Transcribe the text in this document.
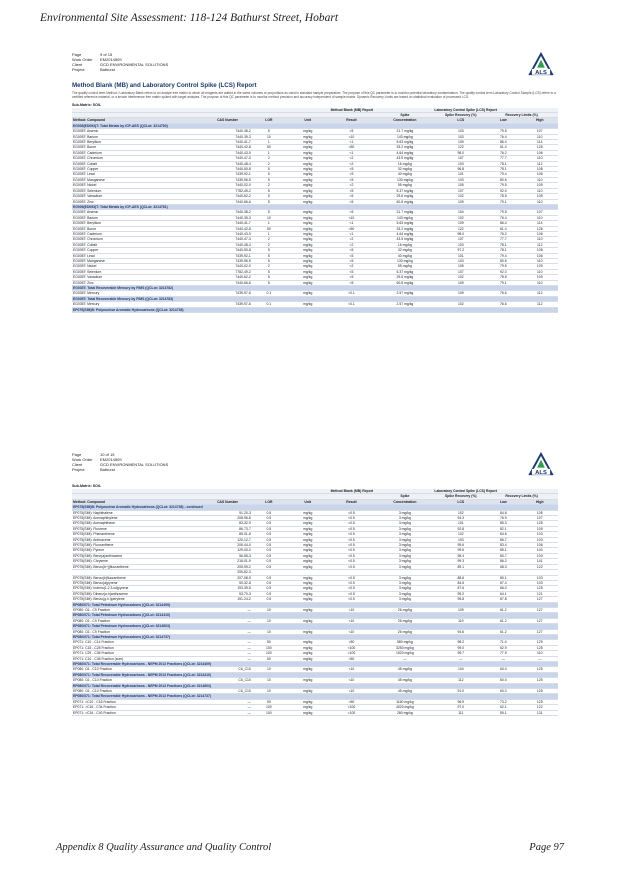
Environmental Site Assessment: 118-124 Bathurst Street, Hobart
Page	9 of 15
Work Order	EM2014509
Client	GCD ENVIRONMENTAL SOLUTIONS
Project	Bathurst
ALS
Method Blank (MB) and Laboratory Control Spike (LCS) Report
The quality control term Method / Laboratory Blank refers to an analyte free matrix to which all reagents are added in the same volumes or proportions as used in standard sample preparation. The purpose of this QC parameter is to monitor potential laboratory contamination. The quality control term Laboratory Control Sample (LCS) refers to a certified reference material, or a known interference free matrix spiked with target analytes. The purpose of this QC parameter is to monitor method precision and accuracy independent of sample matrix. Dynamic Recovery Limits are based on statistical evaluation of processed LCS.
Sub-Matrix: SOIL
				Method Blank (MB) Report	Laboratory Control Spike (LCS) Report			
					Spike	Spike Recovery (%)	Recovery Limits (%)	
Method: Compound	CAS Number	LOR	Unit	Result	Concentration	LCS	Low	High
EG005(ED093)T: Total Metals by ICP-AES (QCLot: 3214780)								
EG005T: Arsenic	7440-38-2	5	mg/kg	<5	21.7 mg/kg	103	79.5	107
EG005T: Barium	7440-39-3	10	mg/kg	<10	143 mg/kg	103	76.4	110
EG005T: Beryllium	7440-41-7	1	mg/kg	<1	5.63 mg/kg	109	86.4	114
EG005T: Boron	7440-42-8	50	mg/kg	<50	33.2 mg/kg	122	61.4	126
EG005T: Cadmium	7440-43-9	1	mg/kg	<1	4.64 mg/kg	98.0	76.2	106
EG005T: Chromium	7440-47-3	2	mg/kg	<2	43.5 mg/kg	107	77.7	110
EG005T: Cobalt	7440-48-4	2	mg/kg	<2	16 mg/kg	103	78.1	112
EG005T: Copper	7440-50-8	5	mg/kg	<5	32 mg/kg	96.8	78.1	108
EG005T: Lead	7439-92-1	5	mg/kg	<5	40 mg/kg	101	79.4	106
EG005T: Manganese	7439-96-5	5	mg/kg	<5	130 mg/kg	103	80.6	110
EG005T: Nickel	7440-02-0	2	mg/kg	<2	55 mg/kg	105	79.5	109
EG005T: Selenium	7782-49-2	5	mg/kg	<5	5.37 mg/kg	107	92.0	110
EG005T: Vanadium	7440-62-2	5	mg/kg	<5	29.6 mg/kg	102	78.5	109
EG005T: Zinc	7440-66-6	5	mg/kg	<5	60.8 mg/kg	109	79.1	110
EG005(ED093)T: Total Metals by ICP-AES (QCLot: 3214781)								
EG005T: Arsenic	7440-38-2	5	mg/kg	<5	21.7 mg/kg	104	79.5	107
EG005T: Barium	7440-39-3	10	mg/kg	<10	143 mg/kg	102	76.4	110
EG005T: Beryllium	7440-41-7	1	mg/kg	<1	5.63 mg/kg	109	86.4	114
EG005T: Boron	7440-42-8	50	mg/kg	<50	33.2 mg/kg	122	61.4	126
EG005T: Cadmium	7440-43-9	1	mg/kg	<1	4.64 mg/kg	98.0	76.2	106
EG005T: Chromium	7440-47-3	2	mg/kg	<2	43.5 mg/kg	107	77.7	110
EG005T: Cobalt	7440-48-4	2	mg/kg	<2	16 mg/kg	103	78.1	112
EG005T: Copper	7440-50-8	5	mg/kg	<5	32 mg/kg	97.2	78.1	108
EG005T: Lead	7439-92-1	5	mg/kg	<5	40 mg/kg	101	79.4	106
EG005T: Manganese	7439-96-5	5	mg/kg	<5	130 mg/kg	103	80.6	110
EG005T: Nickel	7440-02-0	2	mg/kg	<2	55 mg/kg	105	79.5	109
EG005T: Selenium	7782-49-2	5	mg/kg	<5	5.37 mg/kg	107	92.0	110
EG005T: Vanadium	7440-62-2	5	mg/kg	<5	29.6 mg/kg	102	78.5	109
EG005T: Zinc	7440-66-6	5	mg/kg	<5	60.8 mg/kg	109	79.1	110
EG035T: Total Recoverable Mercury by FIMS (QCLot: 3214782)								
EG035T: Mercury	7439-97-6	0.1	mg/kg	<0.1	2.57 mg/kg	109	76.6	112
EG035T: Total Recoverable Mercury by FIMS (QCLot: 3214783)								
EG035T: Mercury	7439-97-6	0.1	mg/kg	<0.1	2.57 mg/kg	102	76.6	112
EP075(SIM)B: Polynuclear Aromatic Hydrocarbons (QCLot: 3214738)								
Page	10 of 15
Work Order	EM2014509
Client	GCD ENVIRONMENTAL SOLUTIONS
Project	Bathurst
ALS
Sub-Matrix: SOIL
				Method Blank (MB) Report	Laboratory Control Spike (LCS) Report			
					Spike	Spike Recovery (%)	Recovery Limits (%)	
Method: Compound	CAS Number	LOR	Unit	Result	Concentration	LCS	Low	High
EP075(SIM)B: Polynuclear Aromatic Hydrocarbons (QCLot: 3214738) - continued								
EP075(SIM): Naphthalene	91-20-3	0.5	mg/kg	<0.5	3 mg/kg	102	84.6	105
EP075(SIM): Acenaphthylene	208-96-8	0.5	mg/kg	<0.5	3 mg/kg	94.3	76.9	107
EP075(SIM): Acenaphthene	83-32-9	0.5	mg/kg	<0.5	3 mg/kg	101	85.3	125
EP075(SIM): Fluorene	86-73-7	0.5	mg/kg	<0.5	3 mg/kg	92.8	82.1	109
EP075(SIM): Phenanthrene	85-01-8	0.5	mg/kg	<0.5	3 mg/kg	102	84.6	103
EP075(SIM): Anthracene	120-12-7	0.5	mg/kg	<0.5	3 mg/kg	103	86.7	103
EP075(SIM): Fluoranthene	206-44-0	0.5	mg/kg	<0.5	3 mg/kg	95.6	83.4	106
EP075(SIM): Pyrene	129-00-0	0.5	mg/kg	<0.5	3 mg/kg	99.6	85.1	140
EP075(SIM): Benz(a)anthracene	56-55-3	0.5	mg/kg	<0.5	3 mg/kg	98.4	80.7	100
EP075(SIM): Chrysene	218-01-9	0.5	mg/kg	<0.5	3 mg/kg	99.3	86.2	141
EP075(SIM): Benzo(b+j)fluoranthene	205-99-2	0.5	mg/kg	<0.5	3 mg/kg	89.1	68.3	122
	205-82-3							
EP075(SIM): Benzo(k)fluoranthene	207-08-9	0.5	mg/kg	<0.5	3 mg/kg	88.6	80.1	103
EP075(SIM): Benzo(a)pyrene	50-32-8	0.5	mg/kg	<0.5	3 mg/kg	84.5	67.4	103
EP075(SIM): Indeno(1.2.3.cd)pyrene	193-39-5	0.5	mg/kg	<0.5	3 mg/kg	87.6	66.0	125
EP075(SIM): Dibenz(a.h)anthracene	53-70-3	0.5	mg/kg	<0.5	3 mg/kg	95.2	64.1	121
EP075(SIM): Benzo(g.h.i)perylene	191-24-2	0.5	mg/kg	<0.5	3 mg/kg	95.8	67.8	127
EP080/071: Total Petroleum Hydrocarbons (QCLot: 3214409)								
EP080: C6 - C9 Fraction	—	10	mg/kg	<10	26 mg/kg	109	61.2	127
EP080/071: Total Petroleum Hydrocarbons (QCLot: 3214410)								
EP080: C6 - C9 Fraction	—	10	mg/kg	<10	26 mg/kg	119	61.2	127
EP080/071: Total Petroleum Hydrocarbons (QCLot: 3214803)								
EP080: C6 - C9 Fraction	—	10	mg/kg	<10	26 mg/kg	94.6	61.2	127
EP080/071: Total Petroleum Hydrocarbons (QCLot: 3214737)								
EP071: C10 - C14 Fraction	—	50	mg/kg	<50	580 mg/kg	98.2	71.4	129
EP071: C15 - C28 Fraction	—	100	mg/kg	<100	3250 mg/kg	99.0	62.9	125
EP071: C29 - C36 Fraction	—	100	mg/kg	<100	1520 mg/kg	95.7	77.9	110
EP071: C10 - C36 Fraction (sum)	—	50	mg/kg	<50	—	—	—	—
EP080/071: Total Recoverable Hydrocarbons - NEPM 2013 Fractions (QCLot: 3214409)								
EP080: C6 - C10 Fraction	C6_C10	10	mg/kg	<10	45 mg/kg	104	60.0	125
EP080/071: Total Recoverable Hydrocarbons - NEPM 2013 Fractions (QCLot: 3214410)								
EP080: C6 - C10 Fraction	C6_C10	10	mg/kg	<10	45 mg/kg	112	60.0	125
EP080/071: Total Recoverable Hydrocarbons - NEPM 2013 Fractions (QCLot: 3214803)								
EP080: C6 - C10 Fraction	C6_C10	10	mg/kg	<10	45 mg/kg	91.0	60.0	125
EP080/071: Total Recoverable Hydrocarbons - NEPM 2013 Fractions (QCLot: 3214737)								
EP071: >C10 - C16 Fraction	—	50	mg/kg	<50	1160 mg/kg	96.9	73.2	125
EP071: >C16 - C34 Fraction	—	100	mg/kg	<100	4020 mg/kg	97.0	62.1	122
EP071: >C34 - C40 Fraction	—	100	mg/kg	<100	280 mg/kg	111	55.1	131
Appendix 8 Quality Assurance and Quality Control	Page 97
